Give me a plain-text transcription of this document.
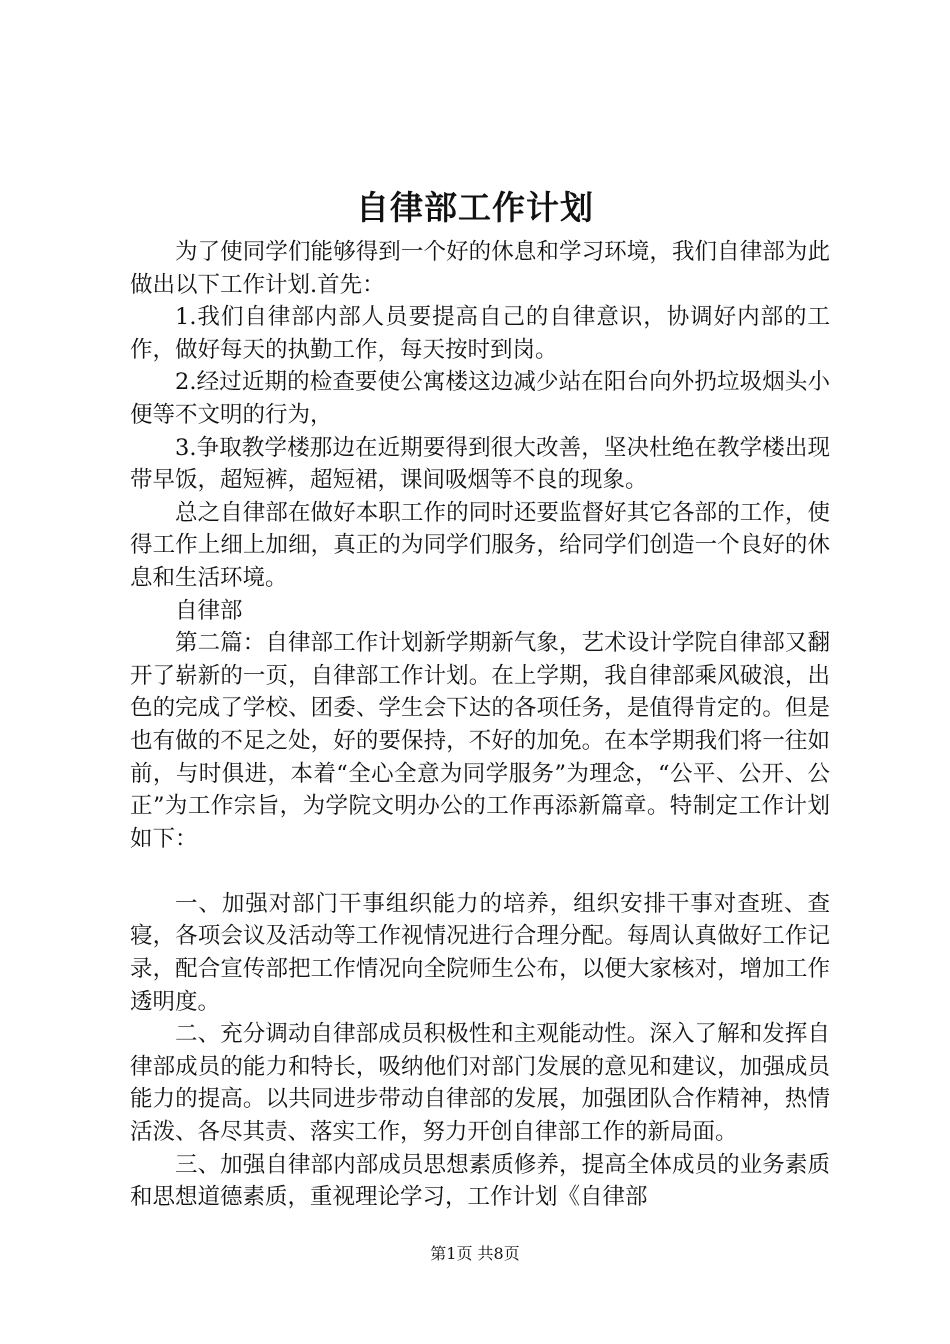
自律部工作计划

为了使同学们能够得到一个好的休息和学习环境，我们自律部为此做出以下工作计划.首先：

1.我们自律部内部人员要提高自己的自律意识，协调好内部的工作，做好每天的执勤工作，每天按时到岗。

2.经过近期的检查要使公寓楼这边减少站在阳台向外扔垃圾烟头小便等不文明的行为，

3.争取教学楼那边在近期要得到很大改善，坚决杜绝在教学楼出现带早饭，超短裤，超短裙，课间吸烟等不良的现象。

总之自律部在做好本职工作的同时还要监督好其它各部的工作，使得工作上细上加细，真正的为同学们服务，给同学们创造一个良好的休息和生活环境。

自律部

第二篇：自律部工作计划新学期新气象，艺术设计学院自律部又翻开了崭新的一页，自律部工作计划。在上学期，我自律部乘风破浪，出色的完成了学校、团委、学生会下达的各项任务，是值得肯定的。但是也有做的不足之处，好的要保持，不好的加免。在本学期我们将一往如前，与时俱进，本着“全心全意为同学服务”为理念，“公平、公开、公正”为工作宗旨，为学院文明办公的工作再添新篇章。特制定工作计划如下：

一、加强对部门干事组织能力的培养，组织安排干事对查班、查寝，各项会议及活动等工作视情况进行合理分配。每周认真做好工作记录，配合宣传部把工作情况向全院师生公布，以便大家核对，增加工作透明度。

二、充分调动自律部成员积极性和主观能动性。深入了解和发挥自律部成员的能力和特长，吸纳他们对部门发展的意见和建议，加强成员能力的提高。以共同进步带动自律部的发展，加强团队合作精神，热情活泼、各尽其责、落实工作，努力开创自律部工作的新局面。

三、加强自律部内部成员思想素质修养，提高全体成员的业务素质和思想道德素质，重视理论学习，工作计划《自律部

第1页 共8页
